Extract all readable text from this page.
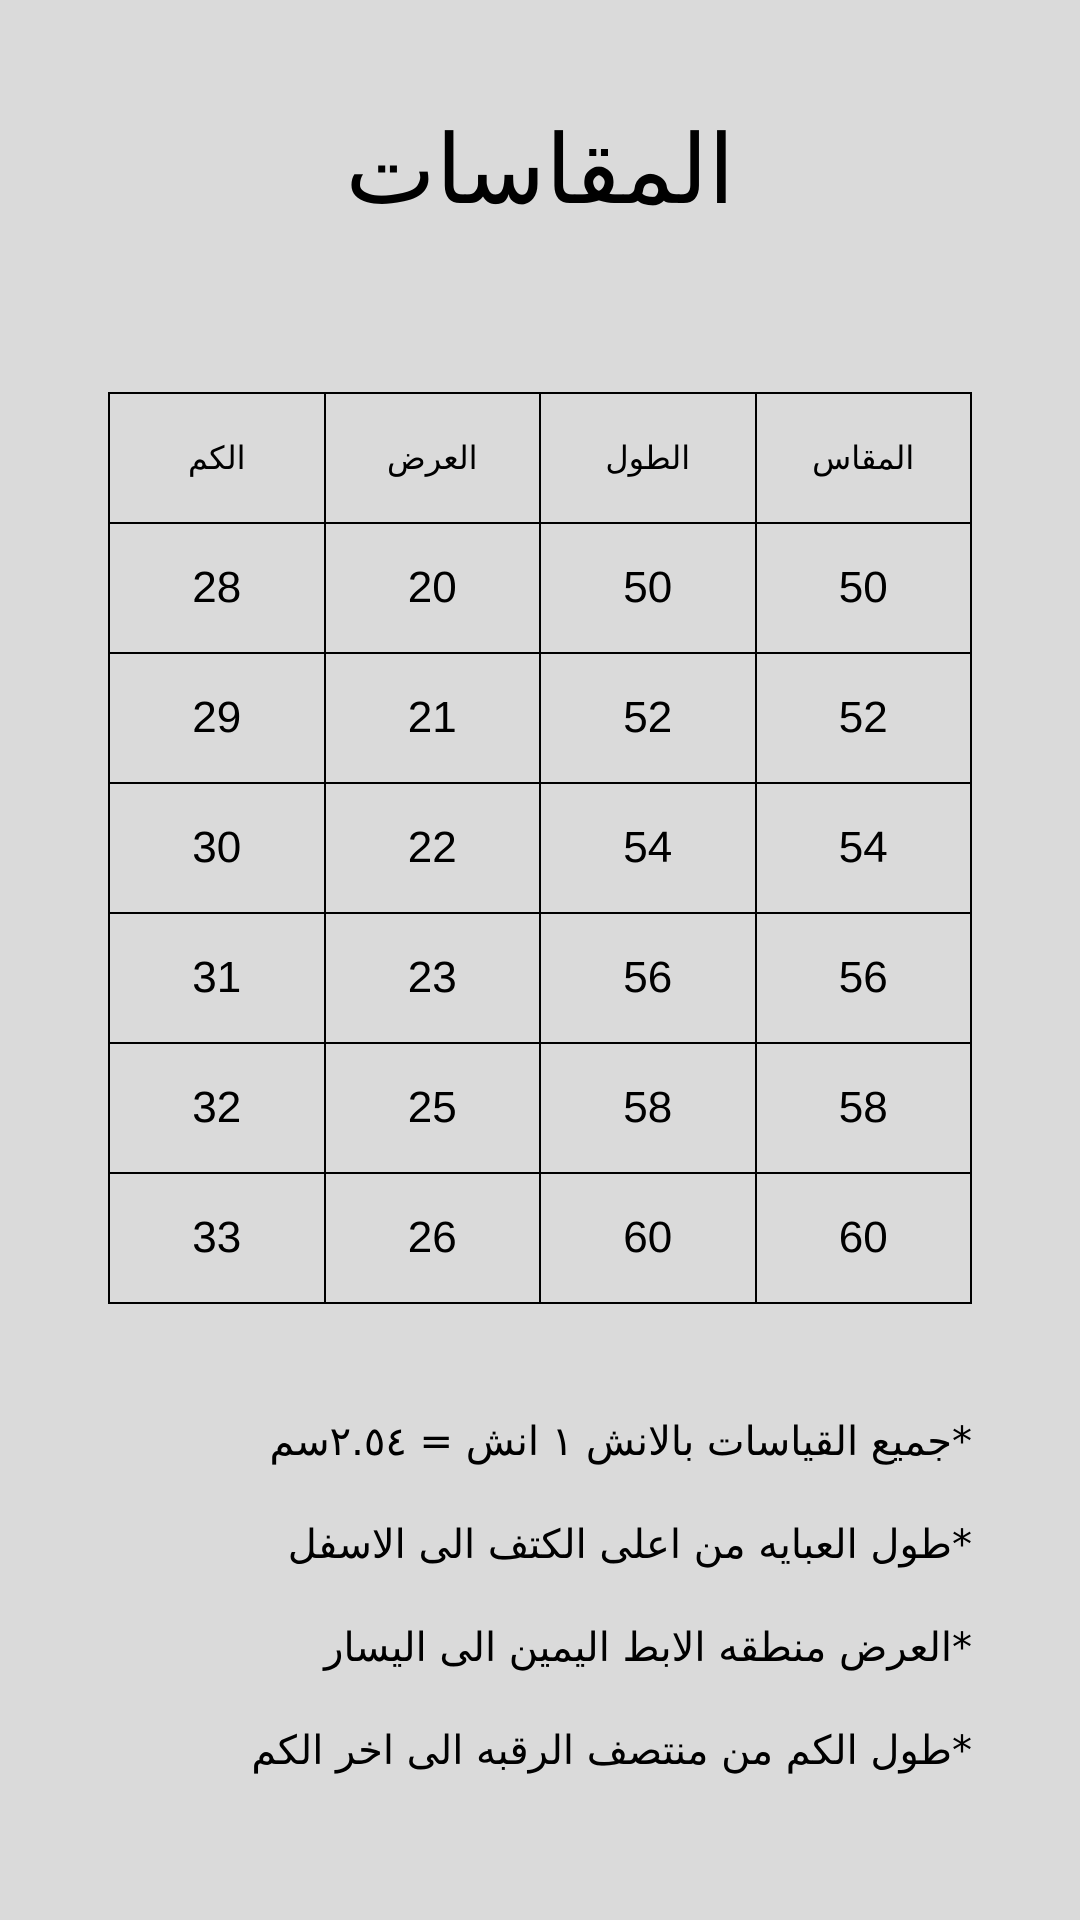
المقاسات
المقاس	الطول	العرض	الكم
50	50	20	28
52	52	21	29
54	54	22	30
56	56	23	31
58	58	25	32
60	60	26	33
*جميع القياسات بالانش ١ انش = ٢.٥٤سم
*طول العبايه من اعلى الكتف الى الاسفل
*العرض منطقه الابط اليمين الى اليسار
*طول الكم من منتصف الرقبه الى اخر الكم
